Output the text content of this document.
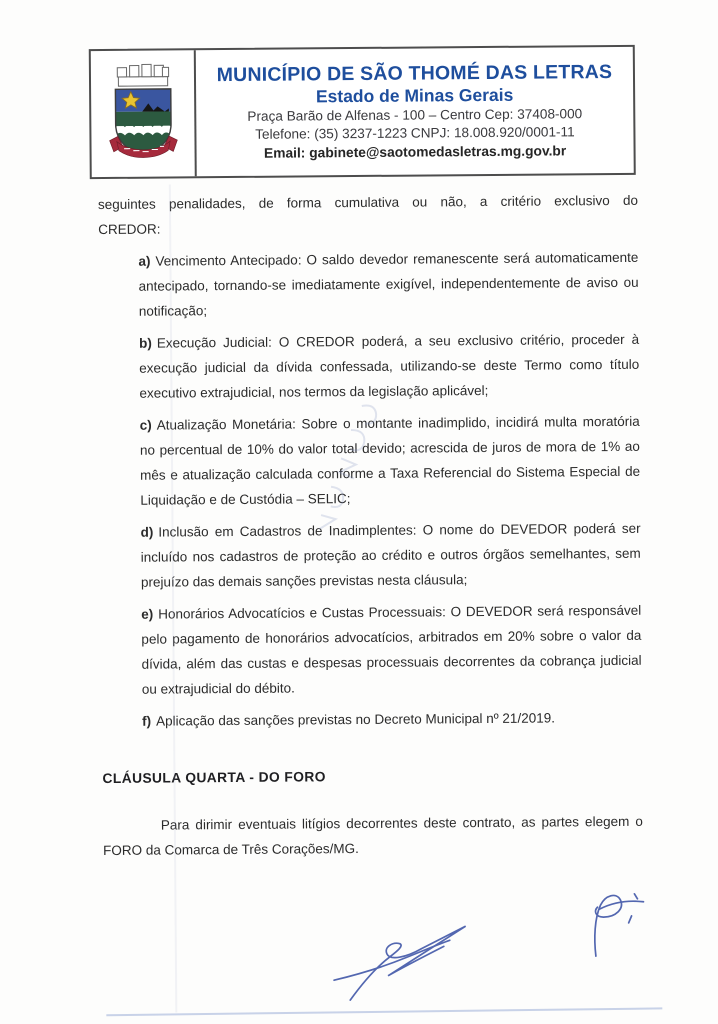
MUNICÍPIO DE SÃO THOMÉ DAS LETRAS
Estado de Minas Gerais
Praça Barão de Alfenas - 100 – Centro Cep: 37408-000
Telefone: (35) 3237-1223 CNPJ: 18.008.920/0001-11
Email: gabinete@saotomedasletras.mg.gov.br

seguintes penalidades, de forma cumulativa ou não, a critério exclusivo do
CREDOR:

a) Vencimento Antecipado: O saldo devedor remanescente será automaticamente antecipado, tornando-se imediatamente exigível, independentemente de aviso ou notificação;

b) Execução Judicial: O CREDOR poderá, a seu exclusivo critério, proceder à execução judicial da dívida confessada, utilizando-se deste Termo como título executivo extrajudicial, nos termos da legislação aplicável;

c) Atualização Monetária: Sobre o montante inadimplido, incidirá multa moratória no percentual de 10% do valor total devido; acrescida de juros de mora de 1% ao mês e atualização calculada conforme a Taxa Referencial do Sistema Especial de Liquidação e de Custódia – SELIC;

d) Inclusão em Cadastros de Inadimplentes: O nome do DEVEDOR poderá ser incluído nos cadastros de proteção ao crédito e outros órgãos semelhantes, sem prejuízo das demais sanções previstas nesta cláusula;

e) Honorários Advocatícios e Custas Processuais: O DEVEDOR será responsável pelo pagamento de honorários advocatícios, arbitrados em 20% sobre o valor da dívida, além das custas e despesas processuais decorrentes da cobrança judicial ou extrajudicial do débito.

f) Aplicação das sanções previstas no Decreto Municipal nº 21/2019.

CLÁUSULA QUARTA - DO FORO

Para dirimir eventuais litígios decorrentes deste contrato, as partes elegem o FORO da Comarca de Três Corações/MG.
